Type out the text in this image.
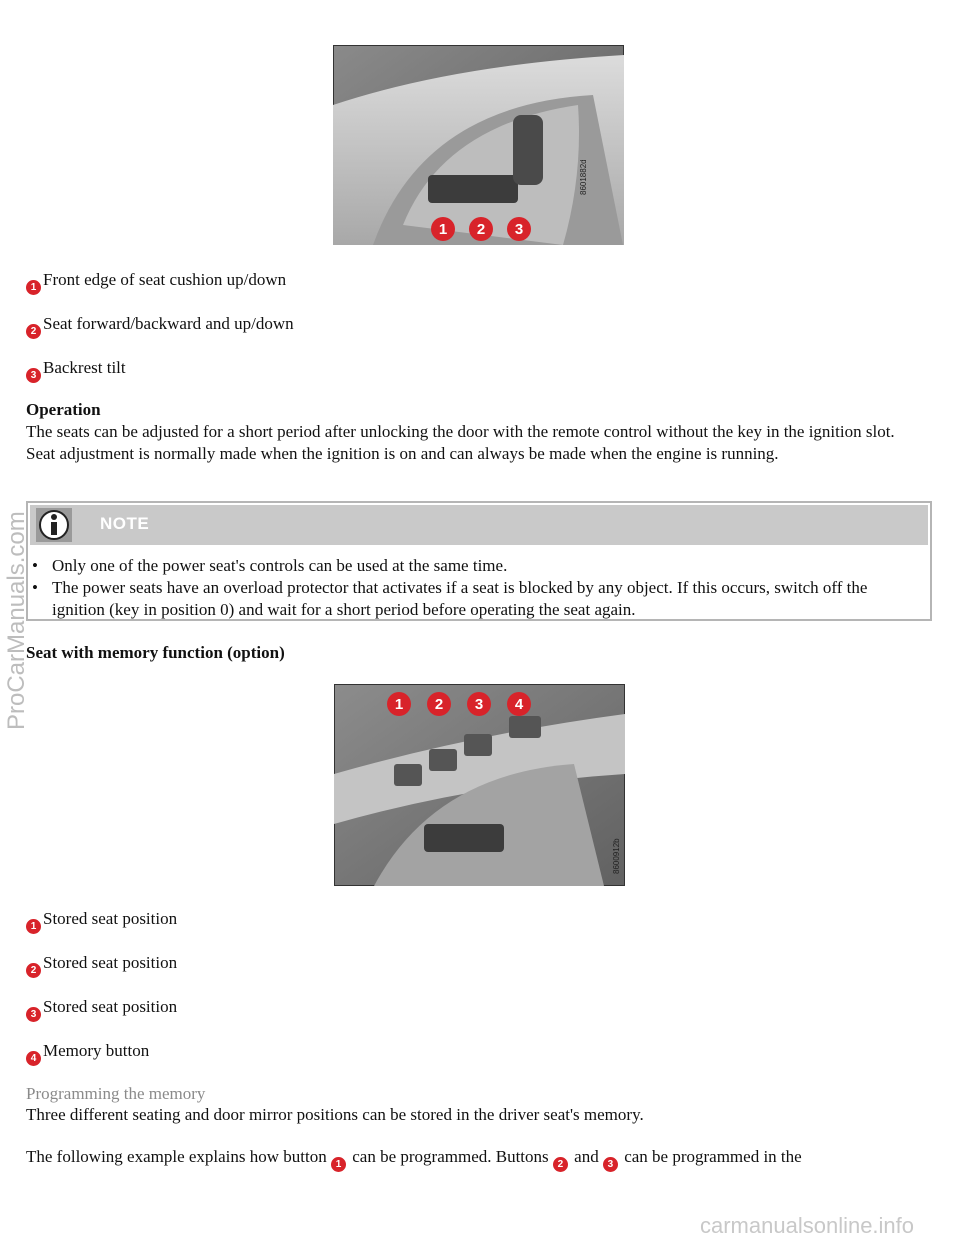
1 2 3
8601882d
1 Front edge of seat cushion up/down
2 Seat forward/backward and up/down
3 Backrest tilt
Operation
The seats can be adjusted for a short period after unlocking the door with the remote control without the key in the ignition slot. Seat adjustment is normally made when the ignition is on and can always be made when the engine is running.
NOTE
• Only one of the power seat's controls can be used at the same time.
• The power seats have an overload protector that activates if a seat is blocked by any object. If this occurs, switch off the ignition (key in position 0) and wait for a short period before operating the seat again.
Seat with memory function (option)
1 2 3 4
8600912b
1 Stored seat position
2 Stored seat position
3 Stored seat position
4 Memory button
Programming the memory
Three different seating and door mirror positions can be stored in the driver seat's memory.
The following example explains how button 1 can be programmed. Buttons 2 and 3 can be programmed in the
ProCarManuals.com
carmanualsonline.info
